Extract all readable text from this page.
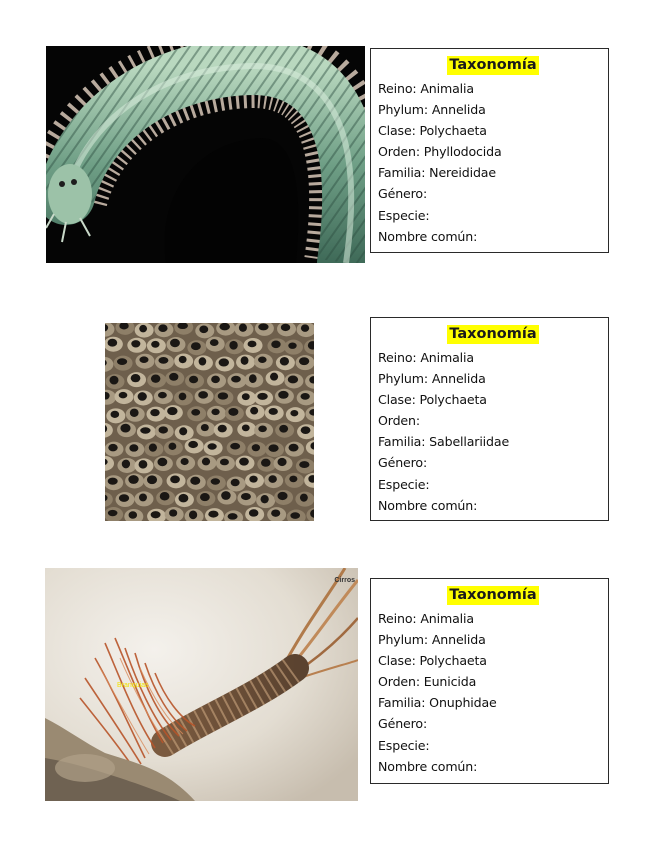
Taxonomía
Reino: Animalia
Phylum: Annelida
Clase: Polychaeta
Orden: Phyllodocida
Familia: Nereididae
Género:
Especie:
Nombre común:
Taxonomía
Reino: Animalia
Phylum: Annelida
Clase: Polychaeta
Orden:
Familia: Sabellariidae
Género:
Especie:
Nombre común:
Cirros
Branquias
Taxonomía
Reino: Animalia
Phylum: Annelida
Clase: Polychaeta
Orden: Eunicida
Familia: Onuphidae
Género:
Especie:
Nombre común:
